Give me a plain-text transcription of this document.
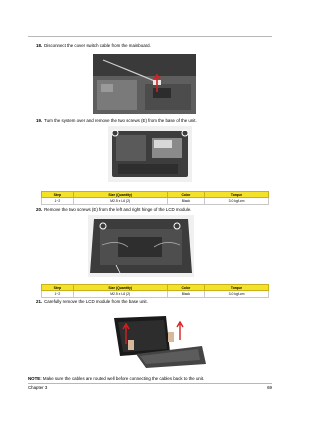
18. Disconnect the cover switch cable from the mainboard.
19. Turn the system over and remove the two screws (E) from the base of the unit.
Step	Size (Quantity)	Color	Torque
1~2	M2.5 x L6 (2)	Black	3.0 kgf-cm
20. Remove the two screws (E) from the left and right hinge of the LCD module.
Step	Size (Quantity)	Color	Torque
1~2	M2.5 x L6 (2)	Black	3.0 kgf-cm
21. Carefully remove the LCD module from the base unit.
NOTE: Make sure the cables are routed well before connecting the cables back to the unit.
Chapter 3	69
